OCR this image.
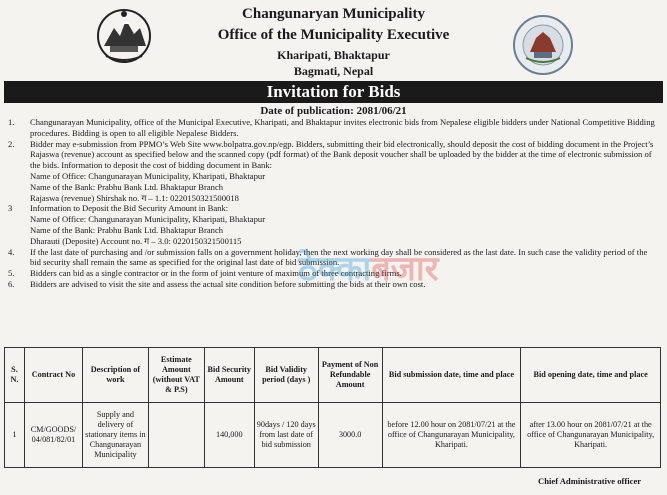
Changunaryan Municipality
Office of the Municipality Executive
Kharipati, Bhaktapur
Bagmati, Nepal
Invitation for Bids
Date of publication: 2081/06/21
1. Changunarayan Municipality, office of the Municipal Executive, Kharipati, and Bhaktapur invites electronic bids from Nepalese eligible bidders under National Competitive Bidding procedures. Bidding is open to all eligible Nepalese Bidders.
2. Bidder may e-submission from PPMO’s Web Site www.bolpatra.gov.np/egp. Bidders, submitting their bid electronically, should deposit the cost of bidding document in the Project’s Rajaswa (revenue) account as specified below and the scanned copy (pdf format) of the Bank deposit voucher shall be uploaded by the bidder at the time of electronic submission of the bids. Information to deposit the cost of bidding document in Bank:
Name of Office: Changunarayan Municipality, Kharipati, Bhaktapur
Name of the Bank: Prabhu Bank Ltd. Bhaktapur Branch
Rajaswa (revenue) Shirshak no. ग – 1.1: 0220150321500018
3 Information to Deposit the Bid Security Amount in Bank:
Name of Office: Changunarayan Municipality, Kharipati, Bhaktapur
Name of the Bank: Prabhu Bank Ltd. Bhaktapur Branch
Dharauti (Deposite) Account no. ग – 3.0: 0220150321500115
4. If the last date of purchasing and /or submission falls on a government holiday, then the next working day shall be considered as the last date. In such case the validity period of the bid security shall remain the same as specified for the original last date of bid submission.
5. Bidders can bid as a single contractor or in the form of joint venture of maximum of three contracting firms.
6. Bidders are advised to visit the site and assess the actual site condition before submitting the bids at their own cost.
ठेक्काबजार
S. N.	Contract No	Description of work	Estimate Amount (without VAT & P.S)	Bid Security Amount	Bid Validity period (days )	Payment of Non Refundable Amount	Bid submission date, time and place	Bid opening date, time and place
1	CM/GOODS/ 04/081/82/01	Supply and delivery of stationary items in Changunarayan Municipality		140,000	90days / 120 days from last date of bid submission	3000.0	before 12.00 hour on 2081/07/21 at the office of Changunarayan Municipality, Kharipati.	after 13.00 hour on 2081/07/21 at the office of Changunarayan Municipality, Kharipati.
Chief Administrative officer
